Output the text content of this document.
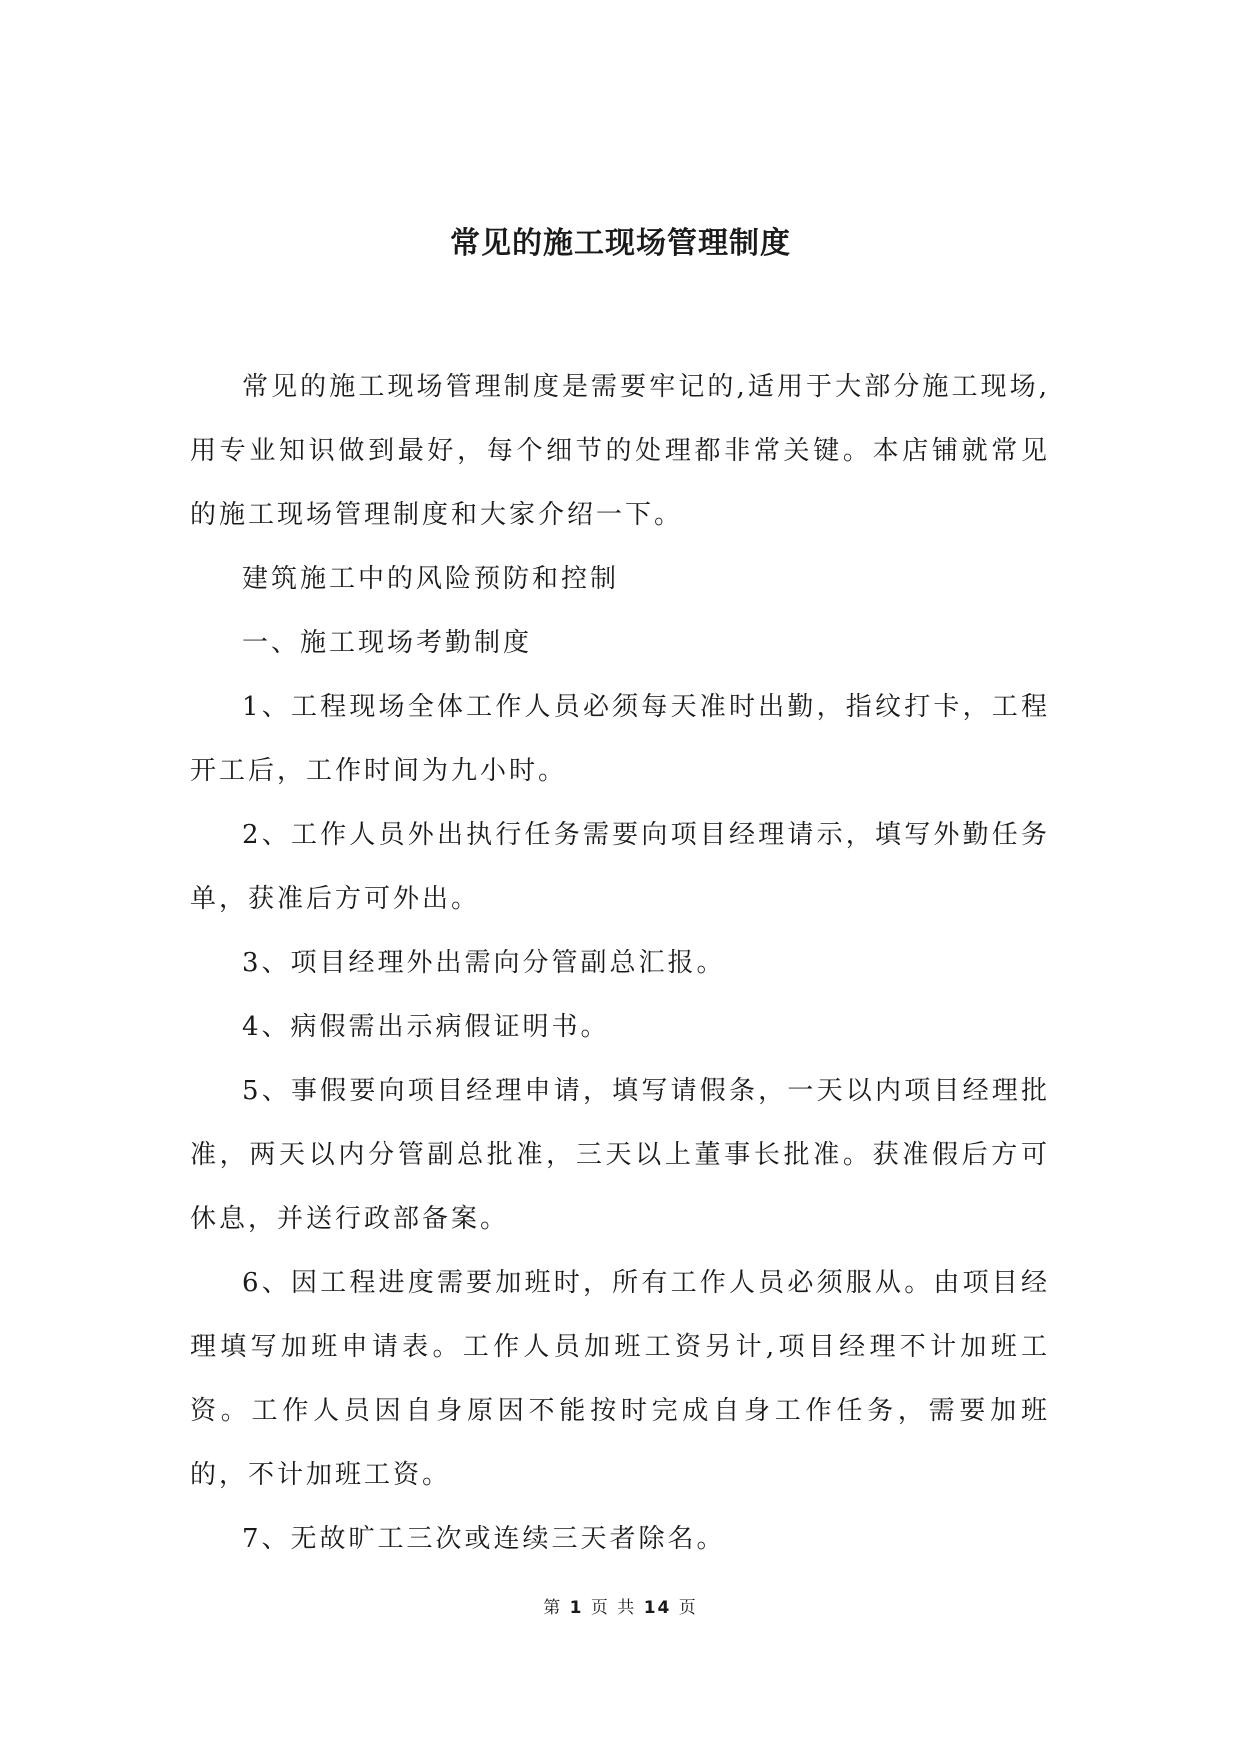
常见的施工现场管理制度

常见的施工现场管理制度是需要牢记的,适用于大部分施工现场,用专业知识做到最好，每个细节的处理都非常关键。本店铺就常见的施工现场管理制度和大家介绍一下。

建筑施工中的风险预防和控制

一、施工现场考勤制度

1、工程现场全体工作人员必须每天准时出勤，指纹打卡，工程开工后，工作时间为九小时。

2、工作人员外出执行任务需要向项目经理请示，填写外勤任务单，获准后方可外出。

3、项目经理外出需向分管副总汇报。

4、病假需出示病假证明书。

5、事假要向项目经理申请，填写请假条，一天以内项目经理批准，两天以内分管副总批准，三天以上董事长批准。获准假后方可休息，并送行政部备案。

6、因工程进度需要加班时，所有工作人员必须服从。由项目经理填写加班申请表。工作人员加班工资另计,项目经理不计加班工资。工作人员因自身原因不能按时完成自身工作任务，需要加班的，不计加班工资。

7、无故旷工三次或连续三天者除名。

第 1 页 共 14 页
